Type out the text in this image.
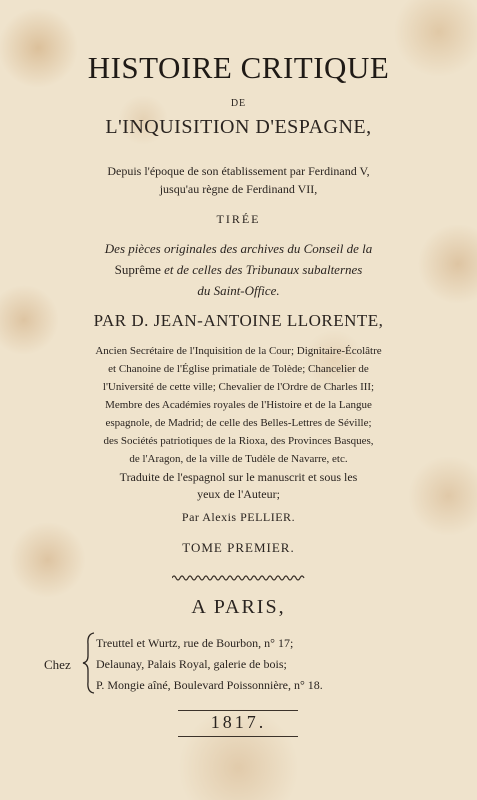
HISTOIRE CRITIQUE
DE
L'INQUISITION D'ESPAGNE,
Depuis l'époque de son établissement par Ferdinand V,
jusqu'au règne de Ferdinand VII,
TIRÉE
Des pièces originales des archives du Conseil de la
Suprême et de celles des Tribunaux subalternes
du Saint-Office.
PAR D. JEAN-ANTOINE LLORENTE,
Ancien Secrétaire de l'Inquisition de la Cour; Dignitaire-Écolâtre
et Chanoine de l'Église primatiale de Tolède; Chancelier de
l'Université de cette ville; Chevalier de l'Ordre de Charles III;
Membre des Académies royales de l'Histoire et de la Langue
espagnole, de Madrid; de celle des Belles-Lettres de Séville;
des Sociétés patriotiques de la Rioxa, des Provinces Basques,
de l'Aragon, de la ville de Tudèle de Navarre, etc.
Traduite de l'espagnol sur le manuscrit et sous les
yeux de l'Auteur;
Par Alexis PELLIER.
TOME PREMIER.
A PARIS,
Chez
Treuttel et Wurtz, rue de Bourbon, n° 17;
Delaunay, Palais Royal, galerie de bois;
P. Mongie aîné, Boulevard Poissonnière, n° 18.
1817.
